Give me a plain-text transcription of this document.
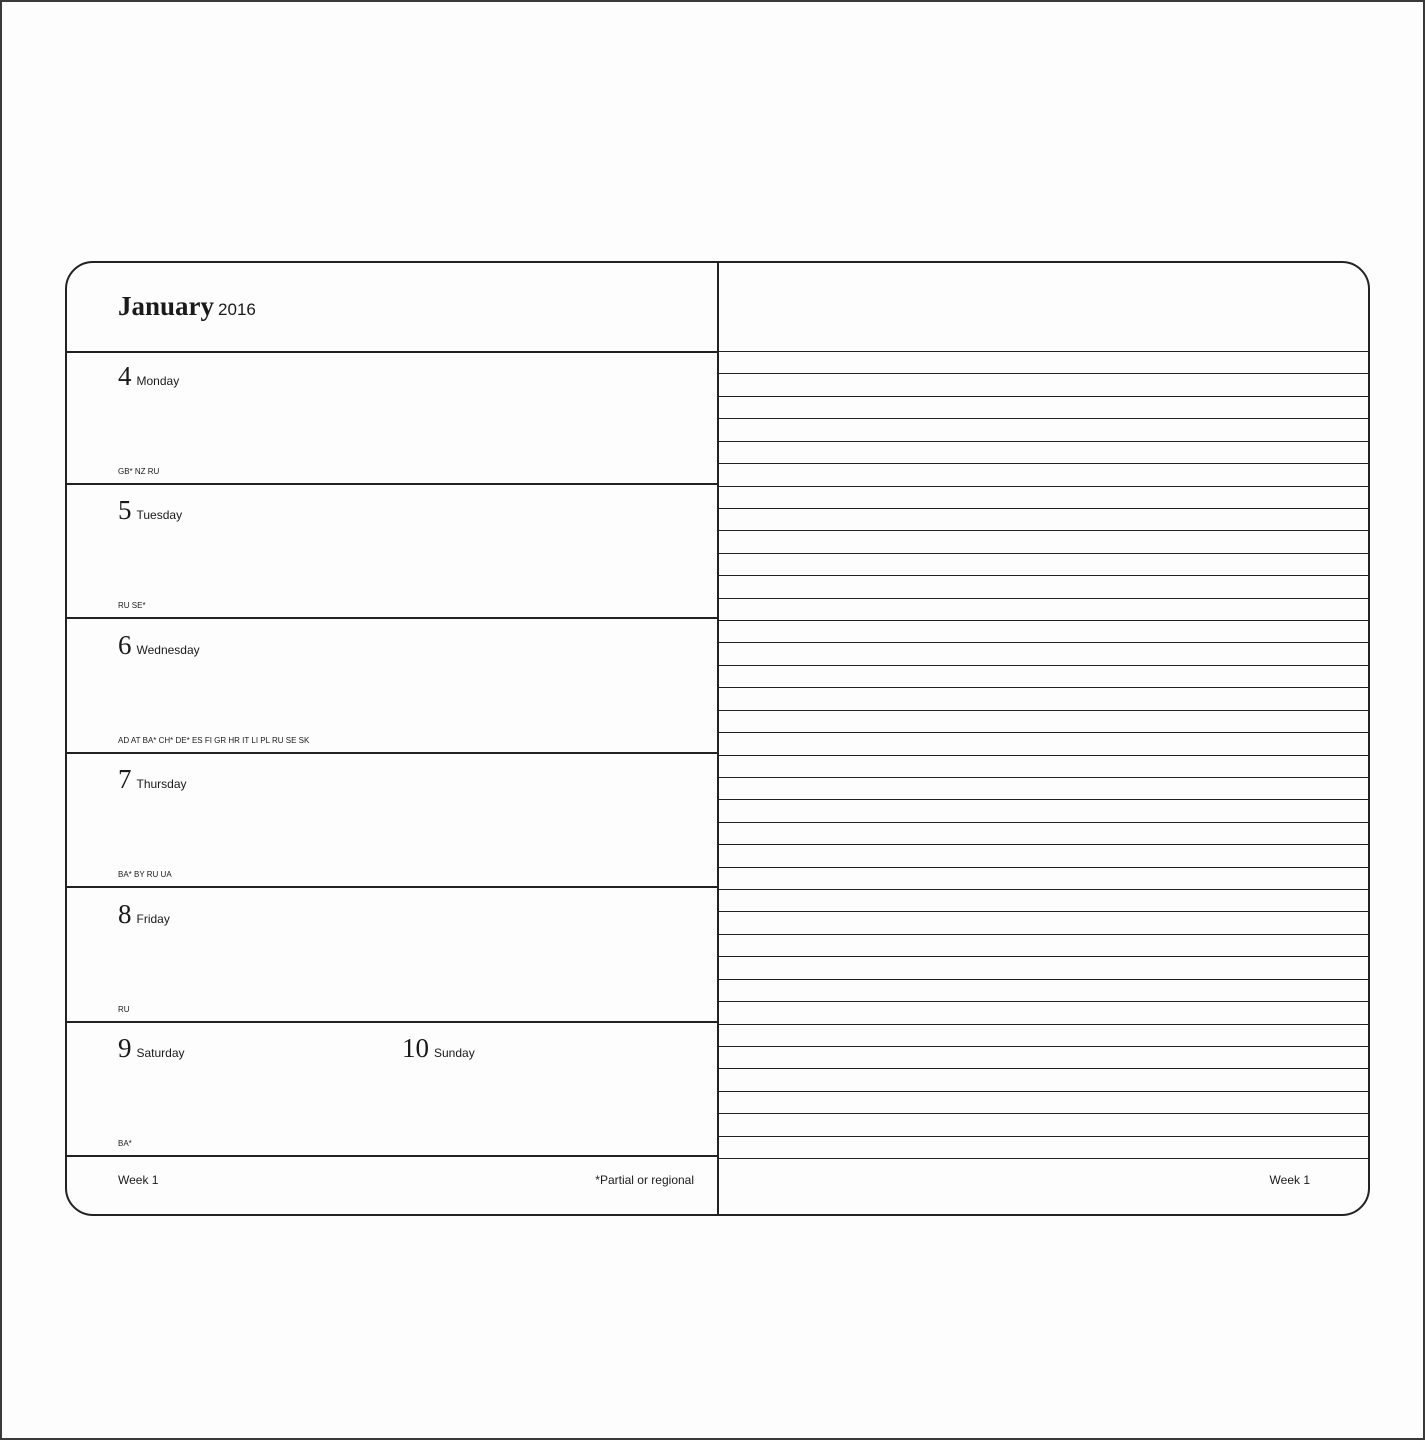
January 2016
4 Monday
GB* NZ RU
5 Tuesday
RU SE*
6 Wednesday
AD AT BA* CH* DE* ES FI GR HR IT LI PL RU SE SK
7 Thursday
BA* BY RU UA
8 Friday
RU
9 Saturday	10 Sunday
BA*
Week 1	*Partial or regional	Week 1
